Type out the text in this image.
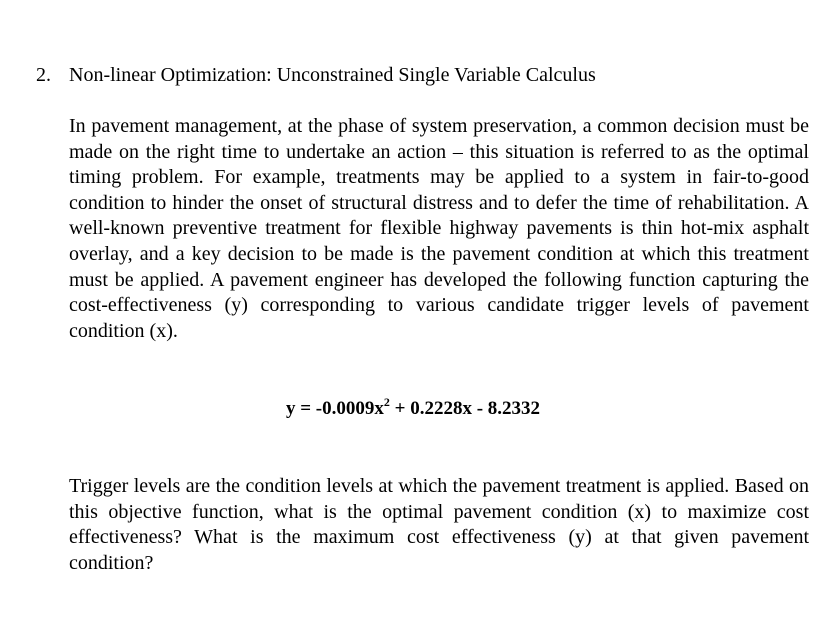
2. Non-linear Optimization: Unconstrained Single Variable Calculus
In pavement management, at the phase of system preservation, a common decision must be made on the right time to undertake an action – this situation is referred to as the optimal timing problem. For example, treatments may be applied to a system in fair-to-good condition to hinder the onset of structural distress and to defer the time of rehabilitation. A well-known preventive treatment for flexible highway pavements is thin hot-mix asphalt overlay, and a key decision to be made is the pavement condition at which this treatment must be applied. A pavement engineer has developed the following function capturing the cost-effectiveness (y) corresponding to various candidate trigger levels of pavement condition (x).
$y = -0.0009x^2 + 0.2228x - 8.2332$
Trigger levels are the condition levels at which the pavement treatment is applied. Based on this objective function, what is the optimal pavement condition (x) to maximize cost effectiveness? What is the maximum cost effectiveness (y) at that given pavement condition?
